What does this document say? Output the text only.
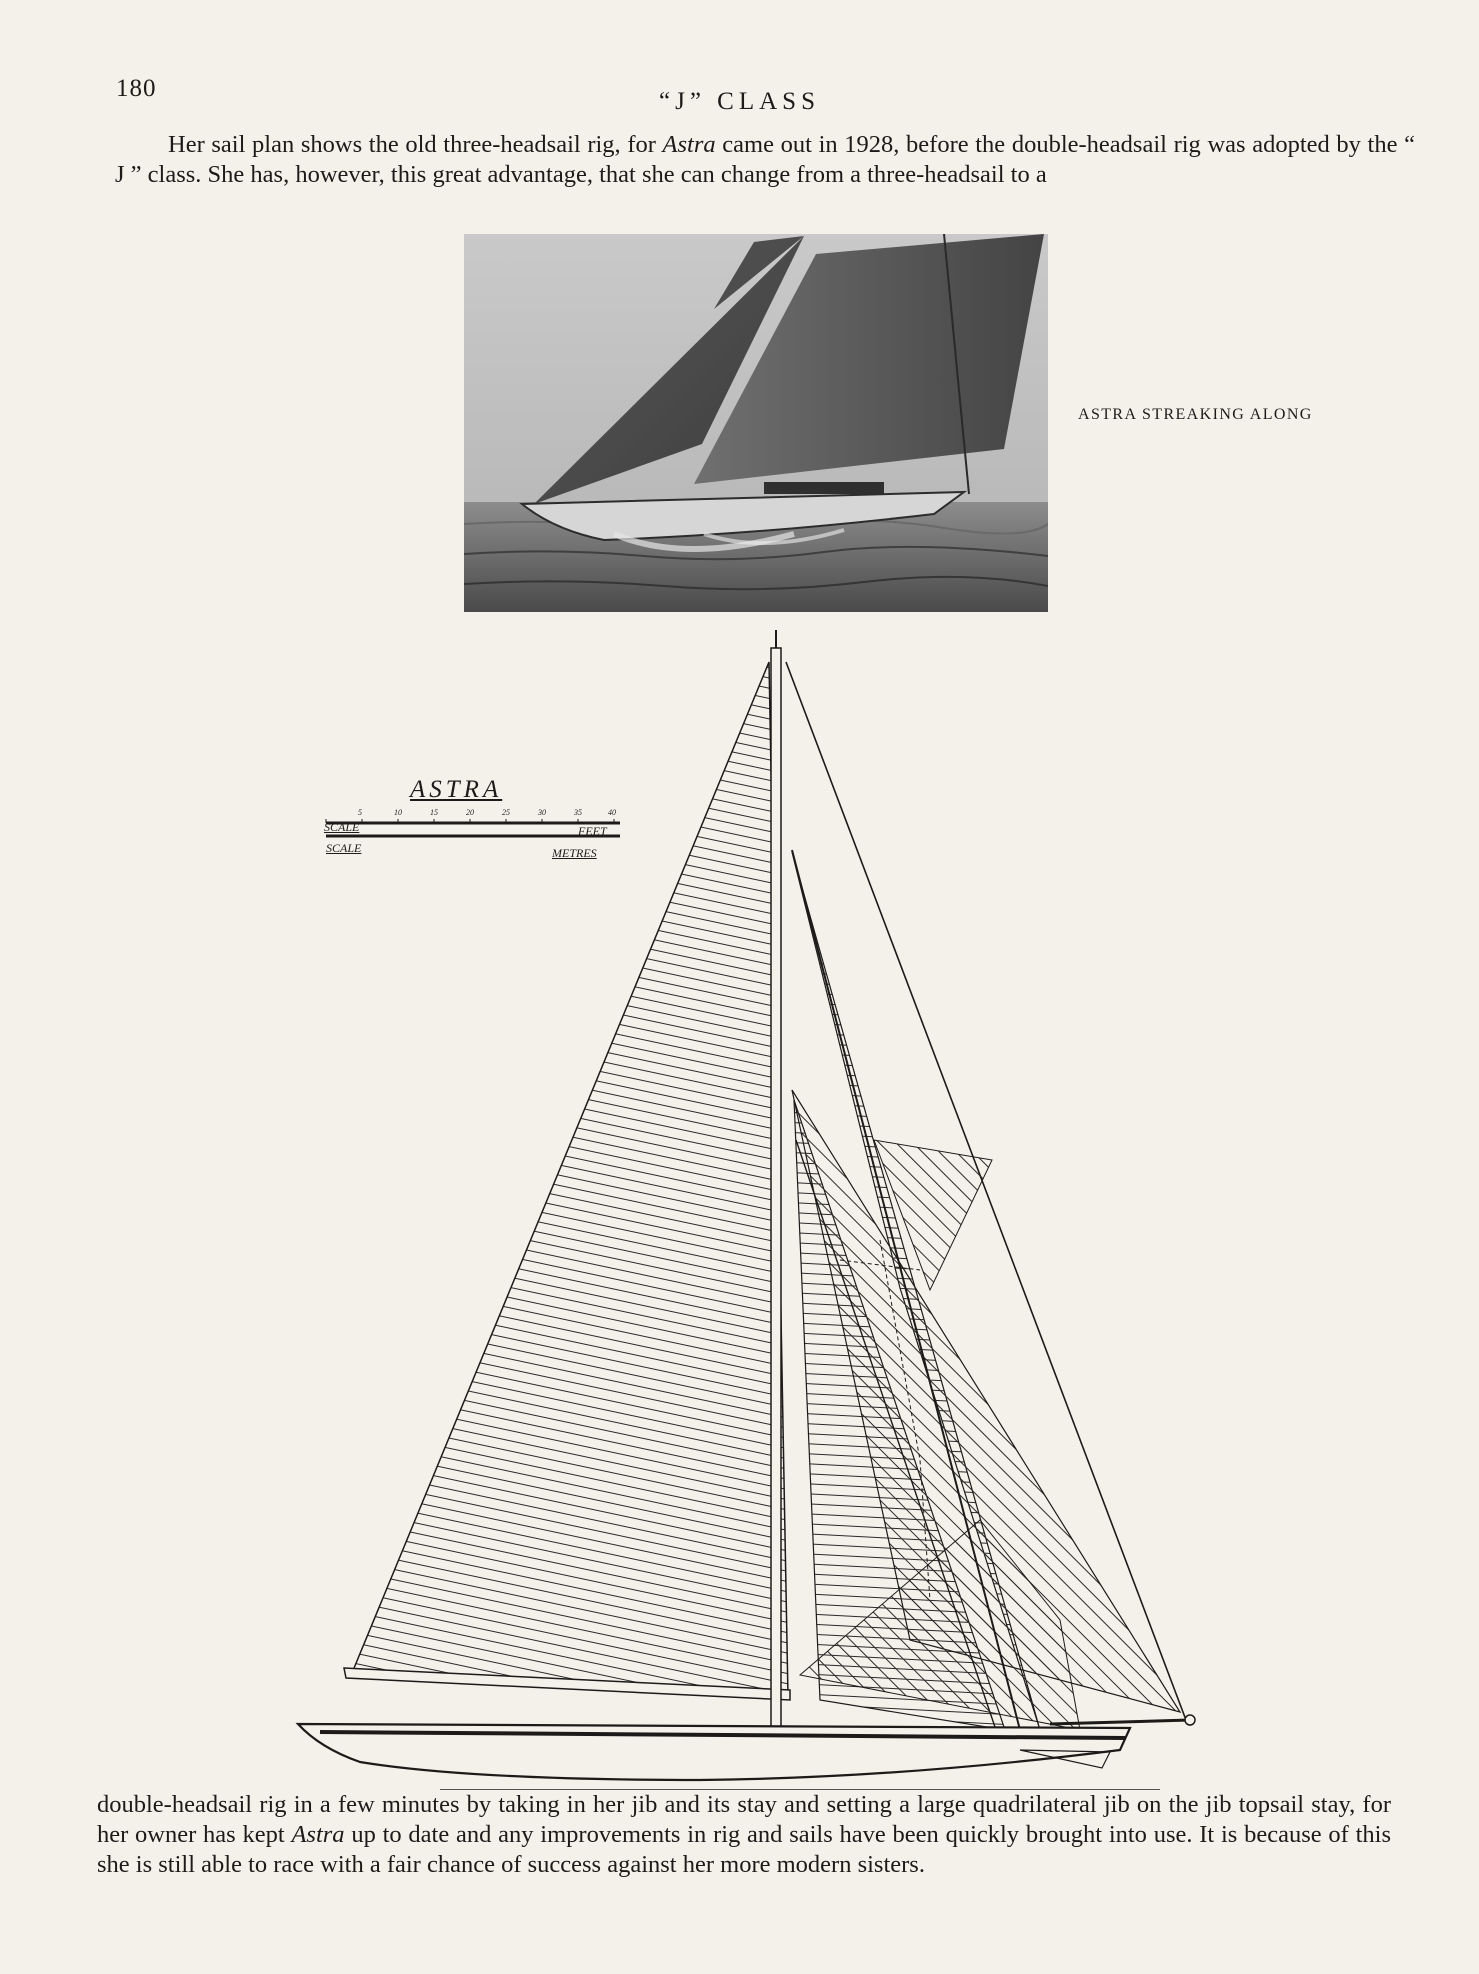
180	“J” CLASS
Her sail plan shows the old three-headsail rig, for Astra came out in 1928, before the double-headsail rig was adopted by the “ J ” class. She has, however, this great advantage, that she can change from a three-headsail to a
ASTRA STREAKING ALONG
ASTRA
5	10	15	20	25	30	35	40
SCALE	FEET
SCALE	METRES
double-headsail rig in a few minutes by taking in her jib and its stay and setting a large quadrilateral jib on the jib topsail stay, for her owner has kept Astra up to date and any improvements in rig and sails have been quickly brought into use. It is because of this she is still able to race with a fair chance of success against her more modern sisters.
